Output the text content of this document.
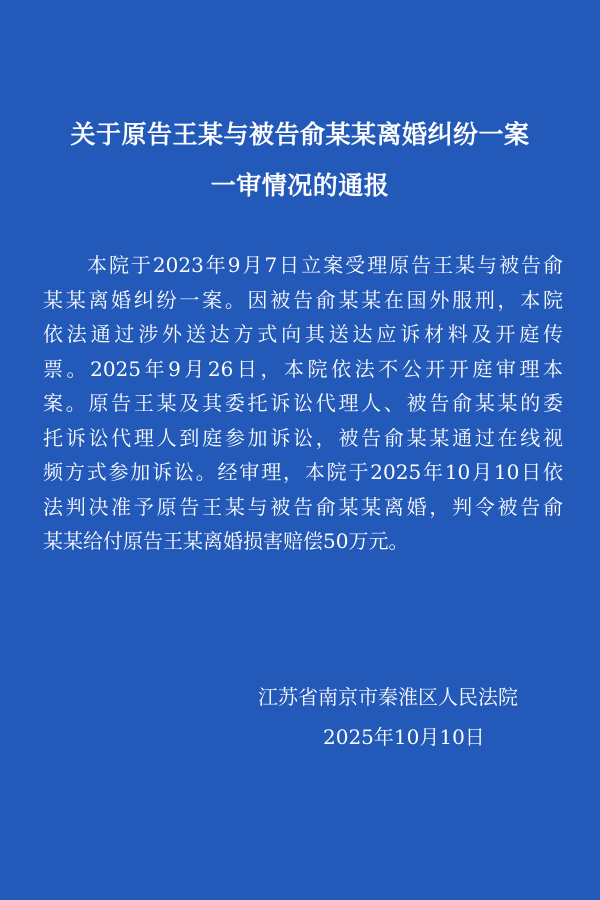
关于原告王某与被告俞某某离婚纠纷一案
一审情况的通报
　　本院于2023年9月7日立案受理原告王某与被告俞
某某离婚纠纷一案。因被告俞某某在国外服刑，本院
依法通过涉外送达方式向其送达应诉材料及开庭传
票。2025年9月26日，本院依法不公开开庭审理本
案。原告王某及其委托诉讼代理人、被告俞某某的委
托诉讼代理人到庭参加诉讼，被告俞某某通过在线视
频方式参加诉讼。经审理，本院于2025年10月10日依
法判决准予原告王某与被告俞某某离婚，判令被告俞
某某给付原告王某离婚损害赔偿50万元。
江苏省南京市秦淮区人民法院
2025年10月10日
